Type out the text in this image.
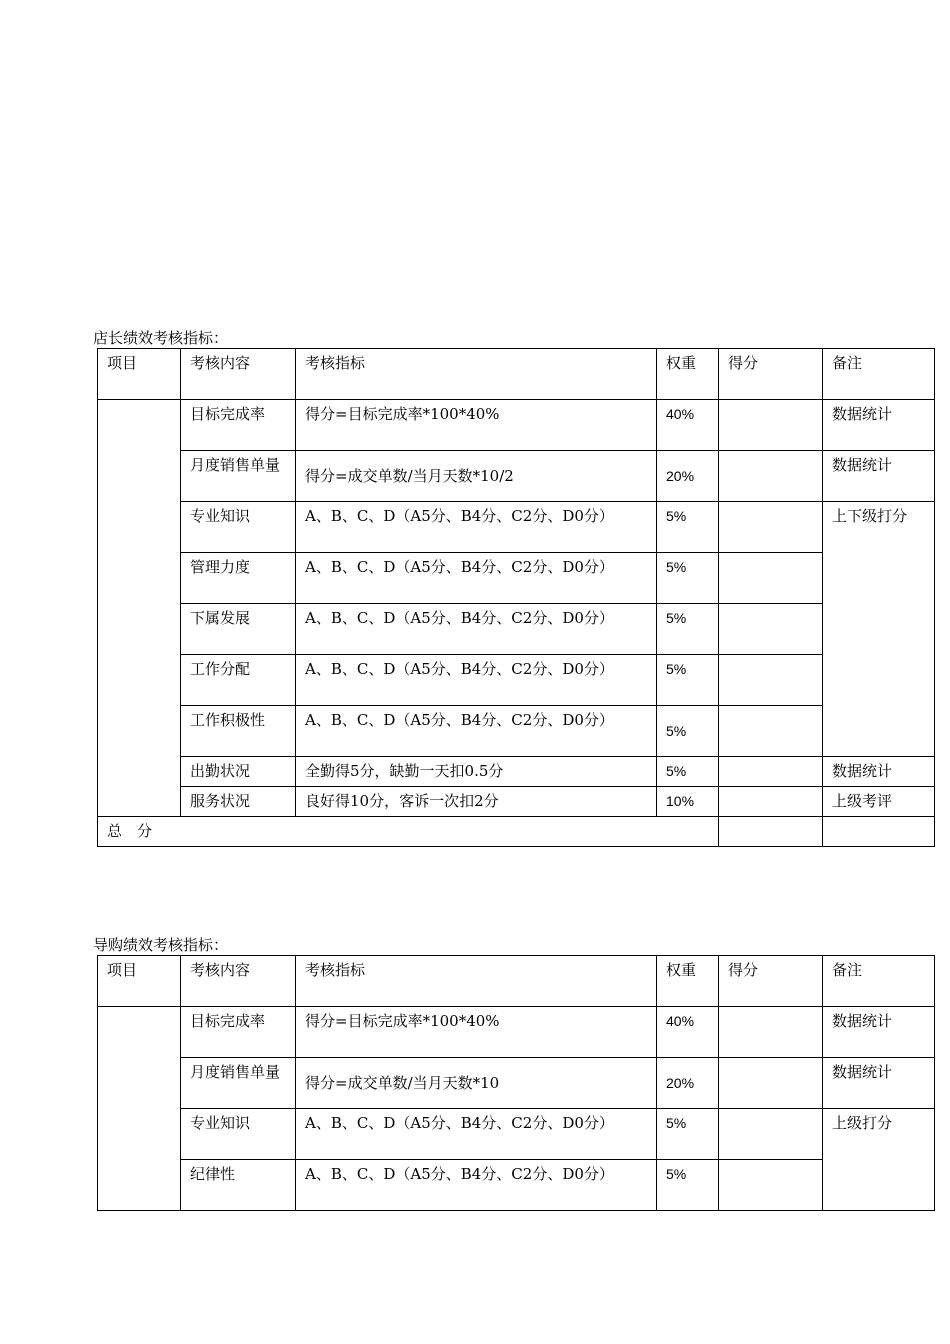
店长绩效考核指标：
项目	考核内容	考核指标	权重	得分	备注
	目标完成率	得分=目标完成率*100*40%	40%		数据统计
	月度销售单量	得分=成交单数/当月天数*10/2	20%		数据统计
	专业知识	A、B、C、D（A5分、B4分、C2分、D0分）	5%		上下级打分
	管理力度	A、B、C、D（A5分、B4分、C2分、D0分）	5%		
	下属发展	A、B、C、D（A5分、B4分、C2分、D0分）	5%		
	工作分配	A、B、C、D（A5分、B4分、C2分、D0分）	5%		
	工作积极性	A、B、C、D（A5分、B4分、C2分、D0分）	5%		
	出勤状况	全勤得5分，缺勤一天扣0.5分	5%		数据统计
	服务状况	良好得10分，客诉一次扣2分	10%		上级考评
总　分					
导购绩效考核指标：
项目	考核内容	考核指标	权重	得分	备注
	目标完成率	得分=目标完成率*100*40%	40%		数据统计
	月度销售单量	得分=成交单数/当月天数*10	20%		数据统计
	专业知识	A、B、C、D（A5分、B4分、C2分、D0分）	5%		上级打分
	纪律性	A、B、C、D（A5分、B4分、C2分、D0分）	5%		
